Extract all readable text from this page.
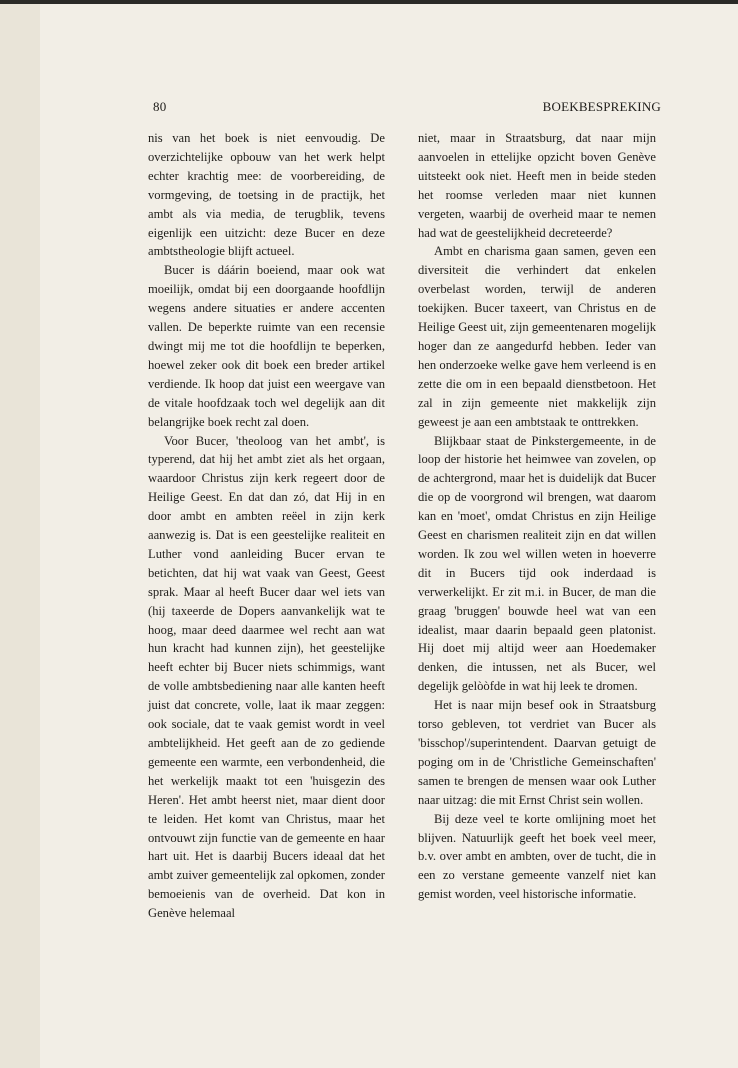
80	BOEKBESPREKING

nis van het boek is niet eenvoudig. De overzichtelijke opbouw van het werk helpt echter krachtig mee: de voorbereiding, de vormgeving, de toetsing in de practijk, het ambt als via media, de terugblik, tevens eigenlijk een uitzicht: deze Bucer en deze ambtstheologie blijft actueel.

Bucer is dáárin boeiend, maar ook wat moeilijk, omdat bij een doorgaande hoofdlijn wegens andere situaties er andere accenten vallen. De beperkte ruimte van een recensie dwingt mij me tot die hoofdlijn te beperken, hoewel zeker ook dit boek een breder artikel verdiende. Ik hoop dat juist een weergave van de vitale hoofdzaak toch wel degelijk aan dit belangrijke boek recht zal doen.

Voor Bucer, 'theoloog van het ambt', is typerend, dat hij het ambt ziet als het orgaan, waardoor Christus zijn kerk regeert door de Heilige Geest. En dat dan zó, dat Hij in en door ambt en ambten reëel in zijn kerk aanwezig is. Dat is een geestelijke realiteit en Luther vond aanleiding Bucer ervan te betichten, dat hij wat vaak van Geest, Geest sprak. Maar al heeft Bucer daar wel iets van (hij taxeerde de Dopers aanvankelijk wat te hoog, maar deed daarmee wel recht aan wat hun kracht had kunnen zijn), het geestelijke heeft echter bij Bucer niets schimmigs, want de volle ambtsbediening naar alle kanten heeft juist dat concrete, volle, laat ik maar zeggen: ook sociale, dat te vaak gemist wordt in veel ambtelijkheid. Het geeft aan de zo gediende gemeente een warmte, een verbondenheid, die het werkelijk maakt tot een 'huisgezin des Heren'. Het ambt heerst niet, maar dient door te leiden. Het komt van Christus, maar het ontvouwt zijn functie van de gemeente en haar hart uit. Het is daarbij Bucers ideaal dat het ambt zuiver gemeentelijk zal opkomen, zonder bemoeienis van de overheid. Dat kon in Genève helemaal

niet, maar in Straatsburg, dat naar mijn aanvoelen in ettelijke opzicht boven Genève uitsteekt ook niet. Heeft men in beide steden het roomse verleden maar niet kunnen vergeten, waarbij de overheid maar te nemen had wat de geestelijkheid decreteerde?

Ambt en charisma gaan samen, geven een diversiteit die verhindert dat enkelen overbelast worden, terwijl de anderen toekijken. Bucer taxeert, van Christus en de Heilige Geest uit, zijn gemeentenaren mogelijk hoger dan ze aangedurfd hebben. Ieder van hen onderzoeke welke gave hem verleend is en zette die om in een bepaald dienstbetoon. Het zal in zijn gemeente niet makkelijk zijn geweest je aan een ambtstaak te onttrekken.

Blijkbaar staat de Pinkstergemeente, in de loop der historie het heimwee van zovelen, op de achtergrond, maar het is duidelijk dat Bucer die op de voorgrond wil brengen, wat daarom kan en 'moet', omdat Christus en zijn Heilige Geest en charismen realiteit zijn en dat willen worden. Ik zou wel willen weten in hoeverre dit in Bucers tijd ook inderdaad is verwerkelijkt. Er zit m.i. in Bucer, de man die graag 'bruggen' bouwde heel wat van een idealist, maar daarin bepaald geen platonist. Hij doet mij altijd weer aan Hoedemaker denken, die intussen, net als Bucer, wel degelijk gelòòfde in wat hij leek te dromen.

Het is naar mijn besef ook in Straatsburg torso gebleven, tot verdriet van Bucer als 'bisschop'/superintendent. Daarvan getuigt de poging om in de 'Christliche Gemeinschaften' samen te brengen de mensen waar ook Luther naar uitzag: die mit Ernst Christ sein wollen.

Bij deze veel te korte omlijning moet het blijven. Natuurlijk geeft het boek veel meer, b.v. over ambt en ambten, over de tucht, die in een zo verstane gemeente vanzelf niet kan gemist worden, veel historische informatie.
